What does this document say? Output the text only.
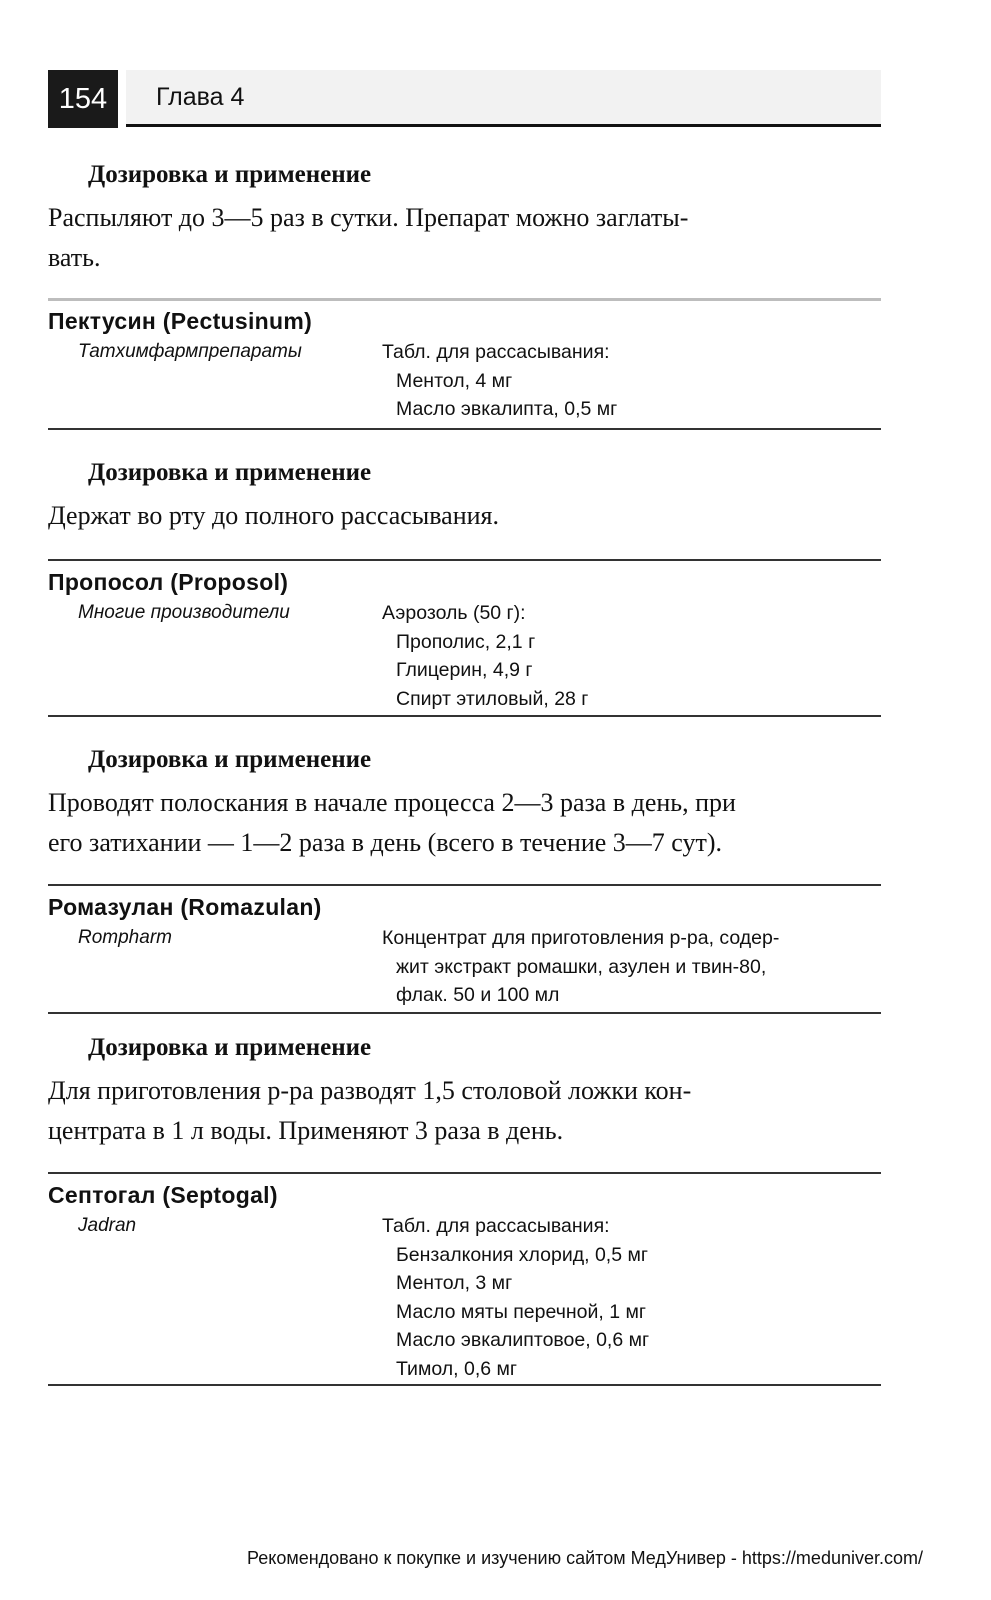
154	Глава 4

Дозировка и применение

Распыляют до 3—5 раз в сутки. Препарат можно заглаты-
вать.

Пектусин (Pectusinum)
Татхимфармпрепараты	Табл. для рассасывания:
Ментол, 4 мг
Масло эвкалипта, 0,5 мг

Дозировка и применение

Держат во рту до полного рассасывания.

Пропосол (Proposol)
Многие производители	Аэрозоль (50 г):
Прополис, 2,1 г
Глицерин, 4,9 г
Спирт этиловый, 28 г

Дозировка и применение

Проводят полоскания в начале процесса 2—3 раза в день, при
его затихании — 1—2 раза в день (всего в течение 3—7 сут).

Ромазулан (Romazulan)
Rompharm	Концентрат для приготовления р-ра, содер-
жит экстракт ромашки, азулен и твин-80,
флак. 50 и 100 мл

Дозировка и применение

Для приготовления р-ра разводят 1,5 столовой ложки кон-
центрата в 1 л воды. Применяют 3 раза в день.

Септогал (Septogal)
Jadran	Табл. для рассасывания:
Бензалкония хлорид, 0,5 мг
Ментол, 3 мг
Масло мяты перечной, 1 мг
Масло эвкалиптовое, 0,6 мг
Тимол, 0,6 мг
Рекомендовано к покупке и изучению сайтом МедУнивер - https://meduniver.com/
